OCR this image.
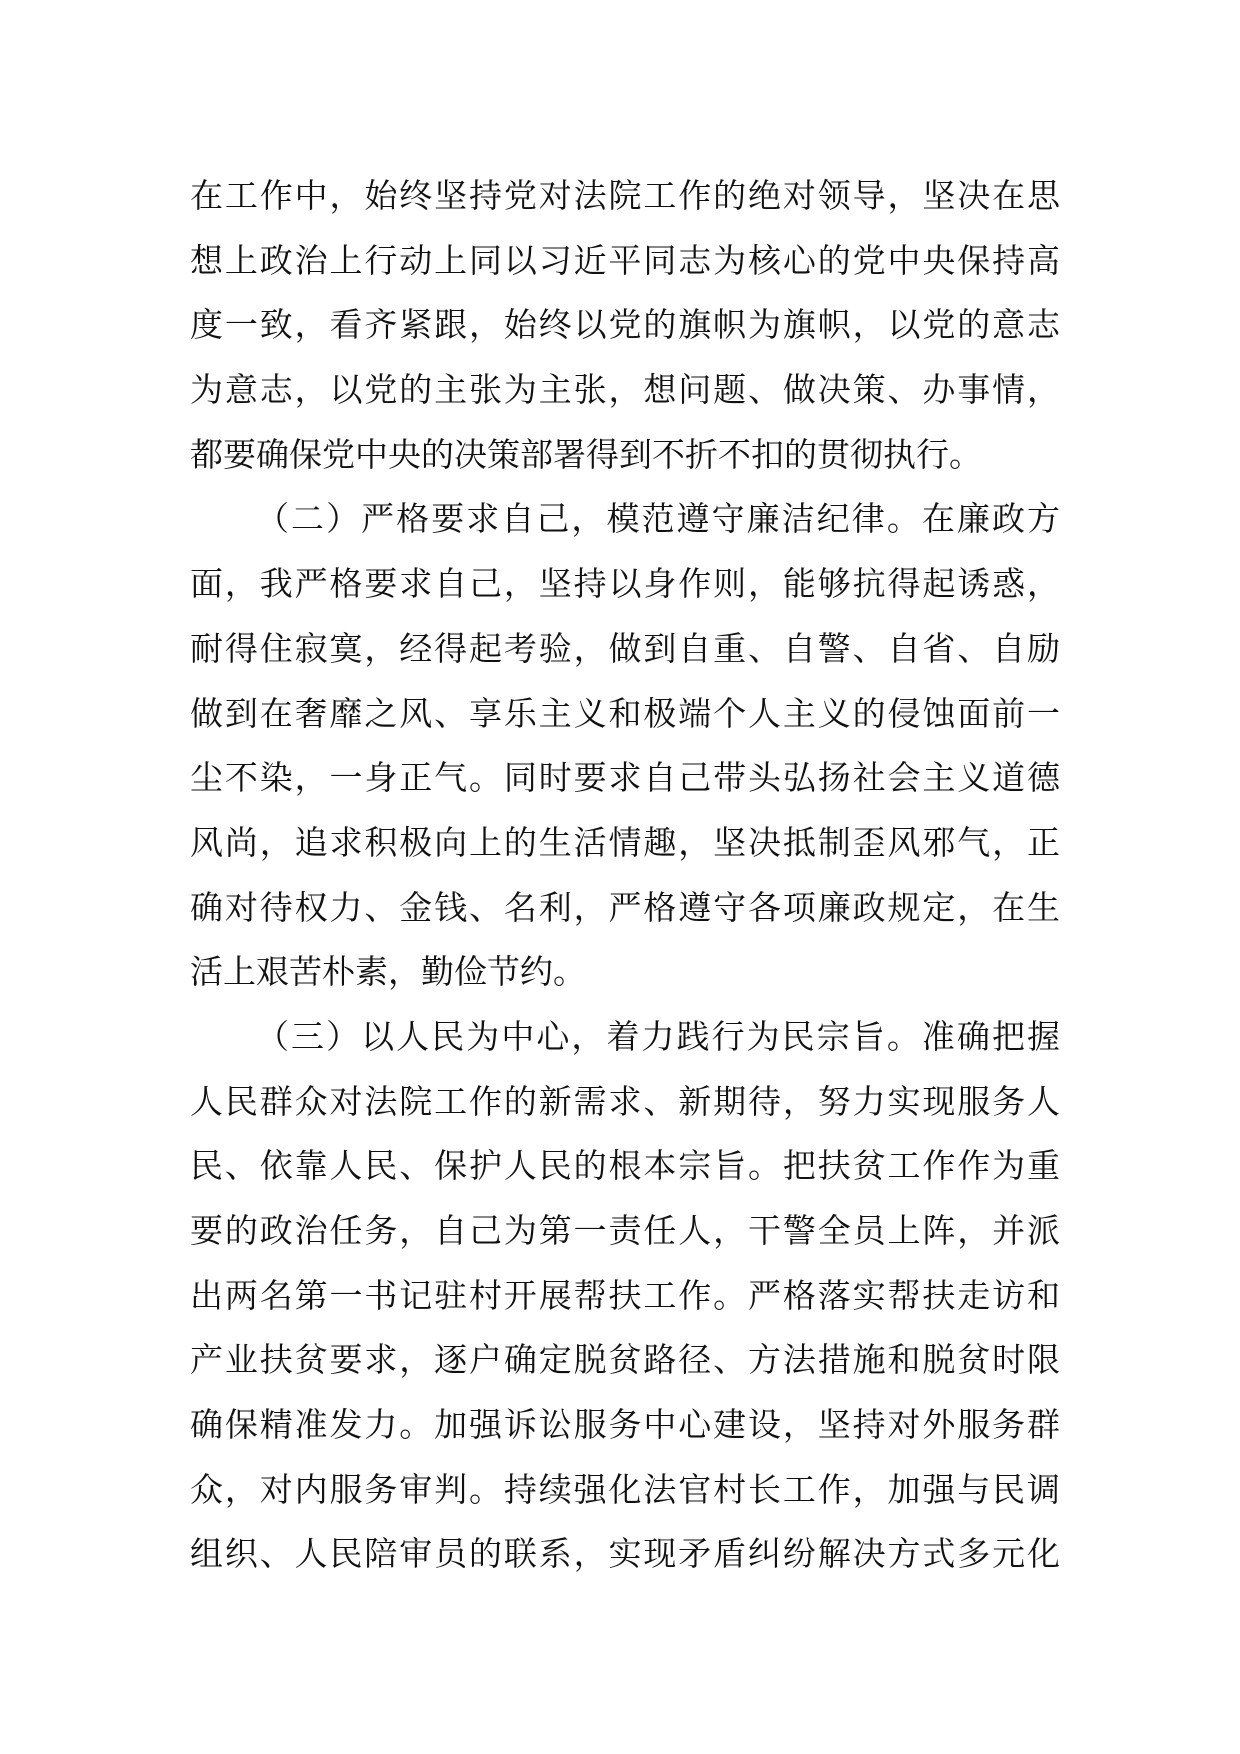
在工作中，始终坚持党对法院工作的绝对领导，坚决在思
想上政治上行动上同以习近平同志为核心的党中央保持高
度一致，看齐紧跟，始终以党的旗帜为旗帜，以党的意志
为意志，以党的主张为主张，想问题、做决策、办事情，
都要确保党中央的决策部署得到不折不扣的贯彻执行。
（二）严格要求自己，模范遵守廉洁纪律。在廉政方
面，我严格要求自己，坚持以身作则，能够抗得起诱惑，
耐得住寂寞，经得起考验，做到自重、自警、自省、自励
做到在奢靡之风、享乐主义和极端个人主义的侵蚀面前一
尘不染，一身正气。同时要求自己带头弘扬社会主义道德
风尚，追求积极向上的生活情趣，坚决抵制歪风邪气，正
确对待权力、金钱、名利，严格遵守各项廉政规定，在生
活上艰苦朴素，勤俭节约。
（三）以人民为中心，着力践行为民宗旨。准确把握
人民群众对法院工作的新需求、新期待，努力实现服务人
民、依靠人民、保护人民的根本宗旨。把扶贫工作作为重
要的政治任务，自己为第一责任人，干警全员上阵，并派
出两名第一书记驻村开展帮扶工作。严格落实帮扶走访和
产业扶贫要求，逐户确定脱贫路径、方法措施和脱贫时限
确保精准发力。加强诉讼服务中心建设，坚持对外服务群
众，对内服务审判。持续强化法官村长工作，加强与民调
组织、人民陪审员的联系，实现矛盾纠纷解决方式多元化
